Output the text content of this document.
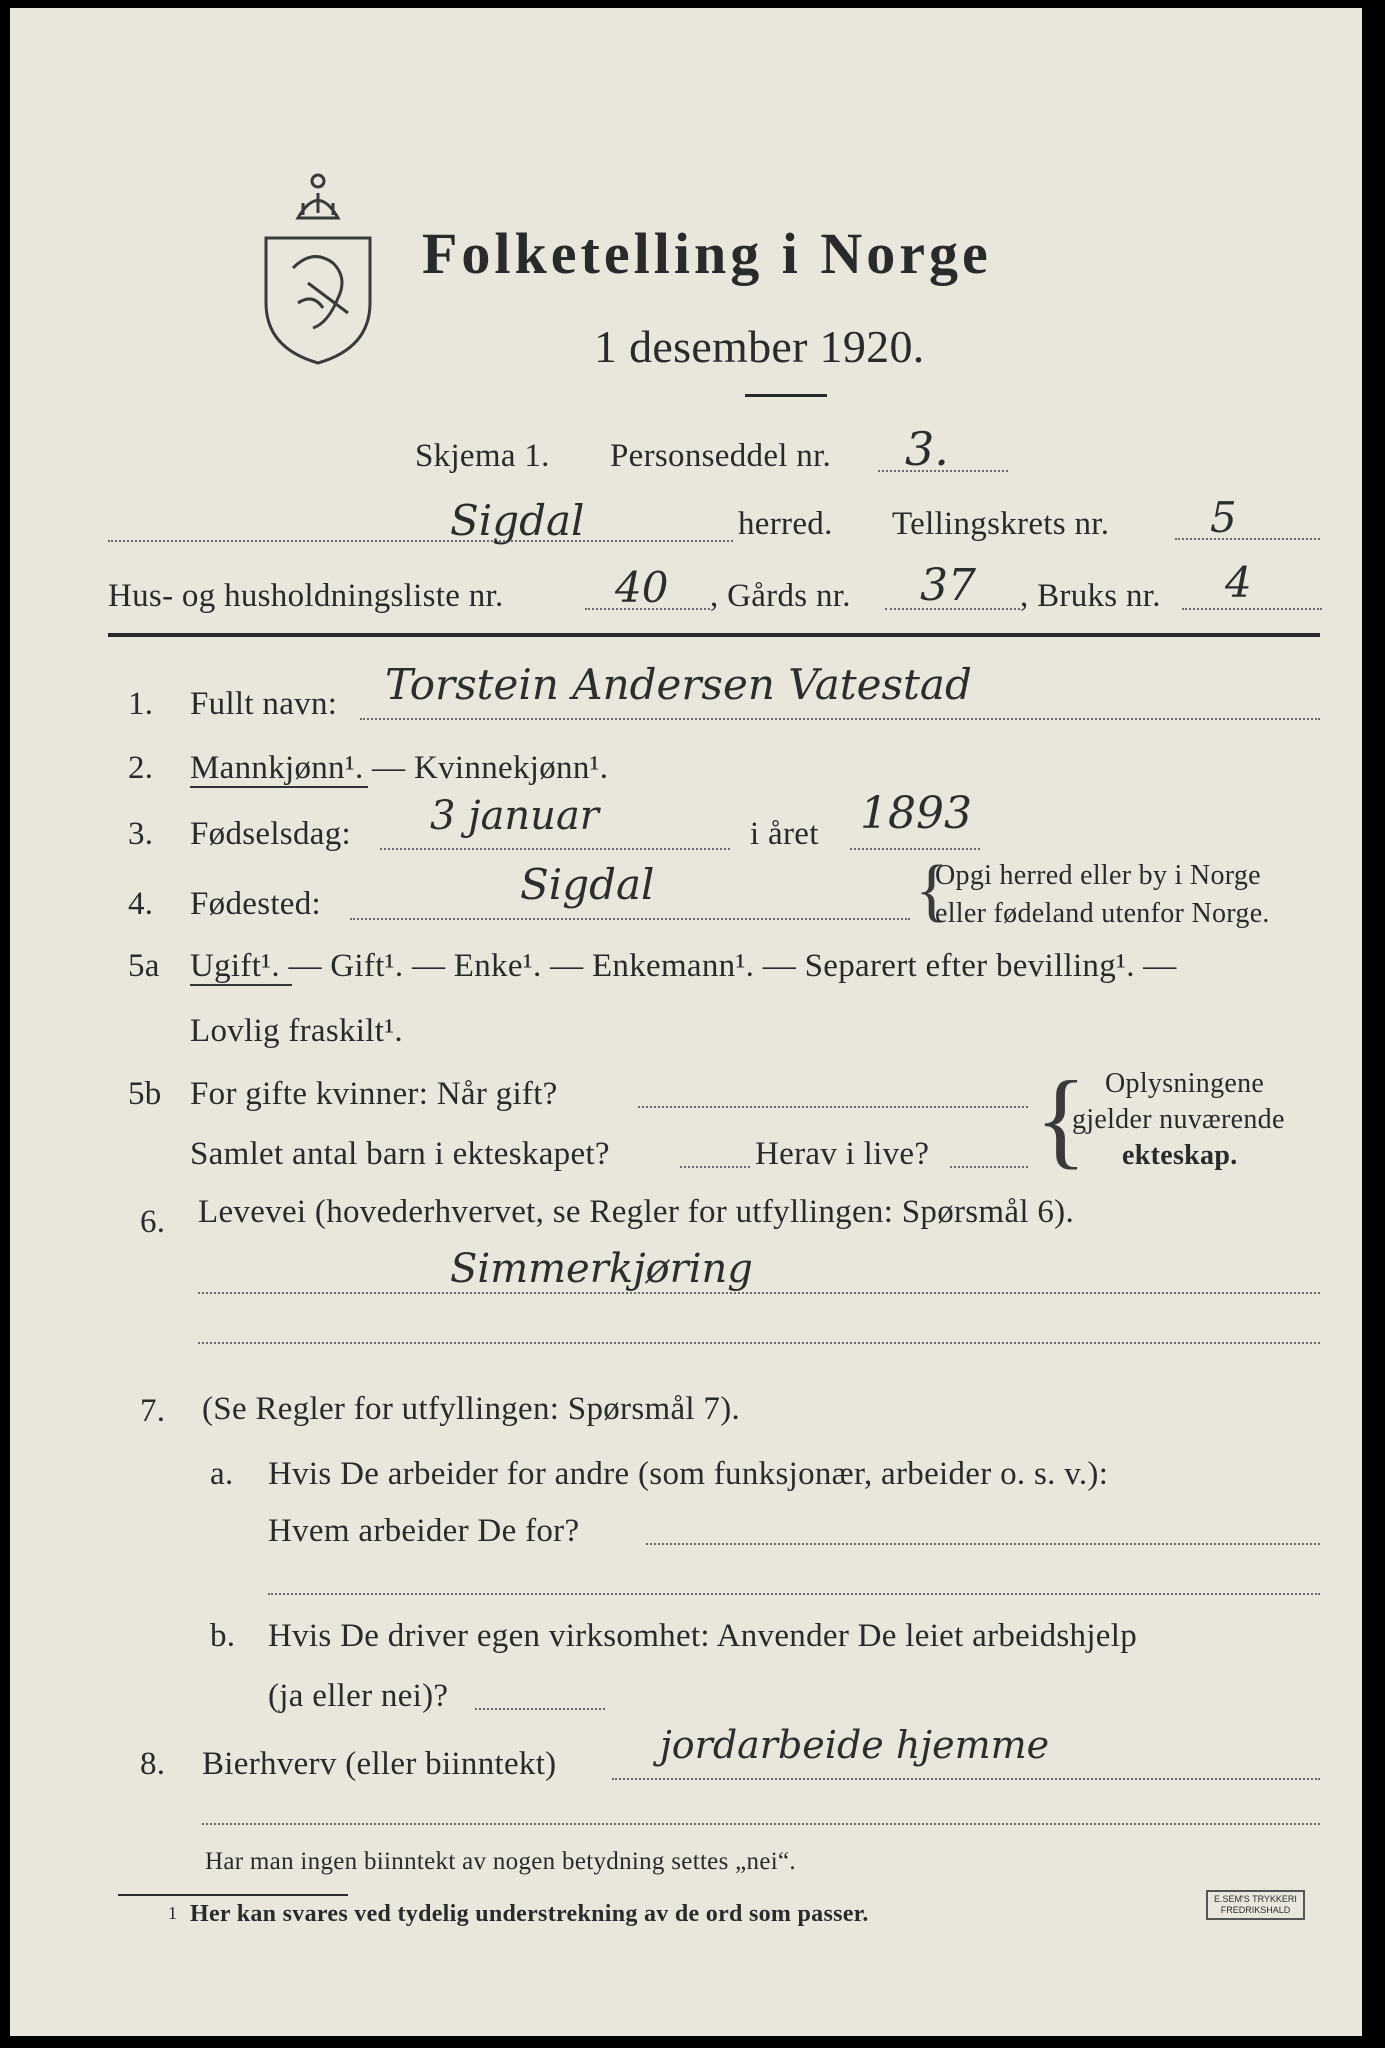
Folketelling i Norge
1 desember 1920.
Skjema 1. Personseddel nr. 3.
Sigdal	herred. Tellingskrets nr. 5
Hus- og husholdningsliste nr.	40 , Gårds nr. 37 , Bruks nr. 4
1. Fullt navn: Torstein Andersen Vatestad
2. Mannkjønn¹. — Kvinnekjønn¹.
3. Fødselsdag: 3 januar	i året 1893
4. Fødested:	Sigdal	{
Opgi herred eller by i Norge
eller fødeland utenfor Norge.
5a Ugift¹. — Gift¹. — Enke¹. — Enkemann¹. — Separert efter bevilling¹. —
Lovlig fraskilt¹.
5b For gifte kvinner: Når gift?
Samlet antal barn i ekteskapet?	Herav i live? { Oplysningene
gjelder nuværende
ekteskap.
6. Levevei (hovederhvervet, se Regler for utfyllingen: Spørsmål 6).
Simmerkjøring
7. (Se Regler for utfyllingen: Spørsmål 7).
a. Hvis De arbeider for andre (som funksjonær, arbeider o. s. v.):
Hvem arbeider De for?
b. Hvis De driver egen virksomhet: Anvender De leiet arbeidshjelp
(ja eller nei)?
8. Bierhverv (eller biinntekt)	jordarbeide hjemme
Har man ingen biinntekt av nogen betydning settes „nei“.
1 Her kan svares ved tydelig understrekning av de ord som passer.
E.SEM'S TRYKKERI
FREDRIKSHALD
